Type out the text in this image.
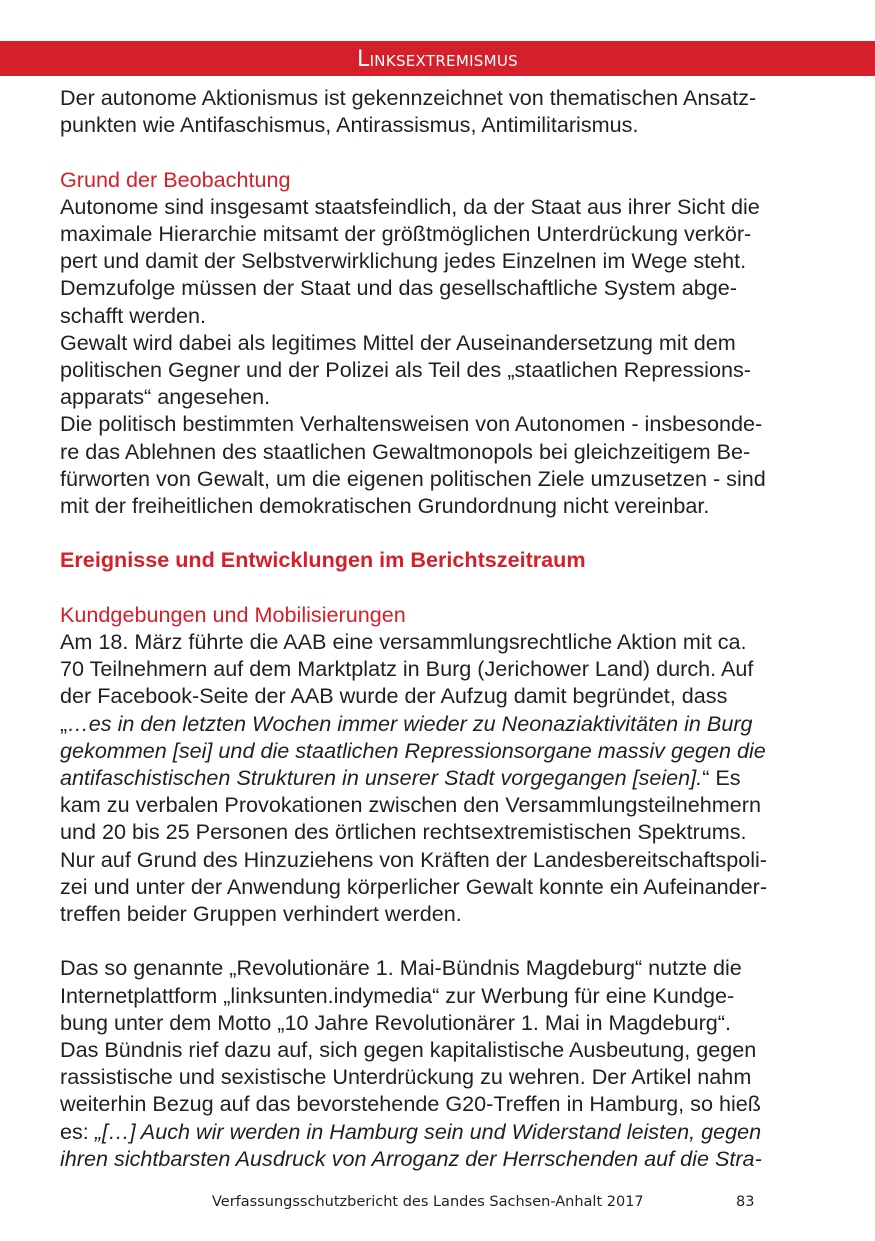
Linksextremismus

Der autonome Aktionismus ist gekennzeichnet von thematischen Ansatz-

punkten wie Antifaschismus, Antirassismus, Antimilitarismus.

Grund der Beobachtung

Autonome sind insgesamt staatsfeindlich, da der Staat aus ihrer Sicht die

maximale Hierarchie mitsamt der größtmöglichen Unterdrückung verkör-

pert und damit der Selbstverwirklichung jedes Einzelnen im Wege steht.

Demzufolge müssen der Staat und das gesellschaftliche System abge-

schafft werden.

Gewalt wird dabei als legitimes Mittel der Auseinandersetzung mit dem

politischen Gegner und der Polizei als Teil des „staatlichen Repressions-

apparats“ angesehen.

Die politisch bestimmten Verhaltensweisen von Autonomen - insbesonde-

re das Ablehnen des staatlichen Gewaltmonopols bei gleichzeitigem Be-

fürworten von Gewalt, um die eigenen politischen Ziele umzusetzen - sind

mit der freiheitlichen demokratischen Grundordnung nicht vereinbar.

Ereignisse und Entwicklungen im Berichtszeitraum

Kundgebungen und Mobilisierungen

Am 18. März führte die AAB eine versammlungsrechtliche Aktion mit ca.

70 Teilnehmern auf dem Marktplatz in Burg (Jerichower Land) durch. Auf

der Facebook-Seite der AAB wurde der Aufzug damit begründet, dass

„…es in den letzten Wochen immer wieder zu Neonaziaktivitäten in Burg

gekommen [sei] und die staatlichen Repressionsorgane massiv gegen die

antifaschistischen Strukturen in unserer Stadt vorgegangen [seien].“ Es

kam zu verbalen Provokationen zwischen den Versammlungsteilnehmern

und 20 bis 25 Personen des örtlichen rechtsextremistischen Spektrums.

Nur auf Grund des Hinzuziehens von Kräften der Landesbereitschaftspoli-

zei und unter der Anwendung körperlicher Gewalt konnte ein Aufeinander-

treffen beider Gruppen verhindert werden.

Das so genannte „Revolutionäre 1. Mai-Bündnis Magdeburg“ nutzte die

Internetplattform „linksunten.indymedia“ zur Werbung für eine Kundge-

bung unter dem Motto „10 Jahre Revolutionärer 1. Mai in Magdeburg“.

Das Bündnis rief dazu auf, sich gegen kapitalistische Ausbeutung, gegen

rassistische und sexistische Unterdrückung zu wehren. Der Artikel nahm

weiterhin Bezug auf das bevorstehende G20-Treffen in Hamburg, so hieß

es: „[…] Auch wir werden in Hamburg sein und Widerstand leisten, gegen

ihren sichtbarsten Ausdruck von Arroganz der Herrschenden auf die Stra-

Verfassungsschutzbericht des Landes Sachsen-Anhalt 2017	83
